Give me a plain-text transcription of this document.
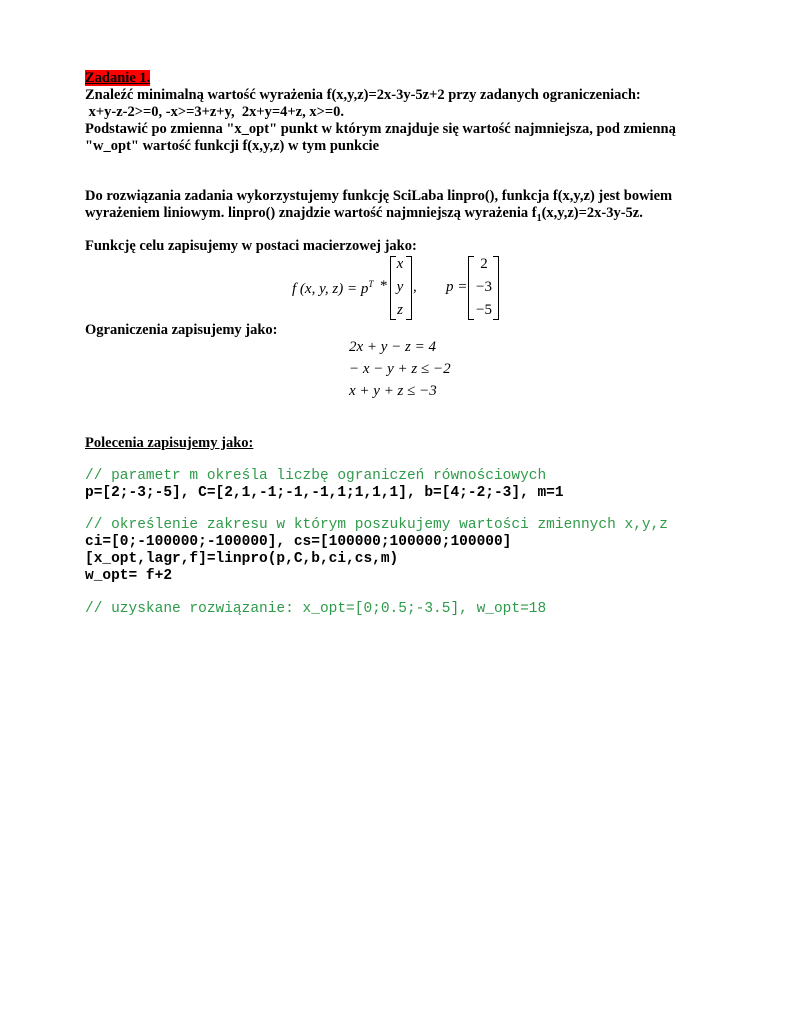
Zadanie 1.
Znaleźć minimalną wartość wyrażenia f(x,y,z)=2x-3y-5z+2 przy zadanych ograniczeniach:
x+y-z-2>=0, -x>=3+z+y,  2x+y=4+z, x>=0.
Podstawić po zmienna "x_opt" punkt w którym znajduje się wartość najmniejsza, pod zmienną
"w_opt" wartość funkcji f(x,y,z) w tym punkcie
Do rozwiązania zadania wykorzystujemy funkcję SciLaba linpro(), funkcja f(x,y,z) jest bowiem
wyrażeniem liniowym. linpro() znajdzie wartość najmniejszą wyrażenia $f_1(x,y,z)=2x-3y-5z$.
Funkcję celu zapisujemy w postaci macierzowej jako:
f (x, y, $z) = p^T$ *
x
y
z
, p =
2
−3
−5
Ograniczenia zapisujemy jako:
2x + y − z = 4
− x − y + z ≤ −2
x + y + z ≤ −3
Polecenia zapisujemy jako:
// parametr m określa liczbę ograniczeń równościowych
p=[2;-3;-5], C=[2,1,-1;-1,-1,1;1,1,1], b=[4;-2;-3], m=1
// określenie zakresu w którym poszukujemy wartości zmiennych x,y,z
ci=[0;-100000;-100000], cs=[100000;100000;100000]
[x_opt,lagr,f]=linpro(p,C,b,ci,cs,m)
w_opt= f+2
// uzyskane rozwiązanie: x_opt=[0;0.5;-3.5], w_opt=18
